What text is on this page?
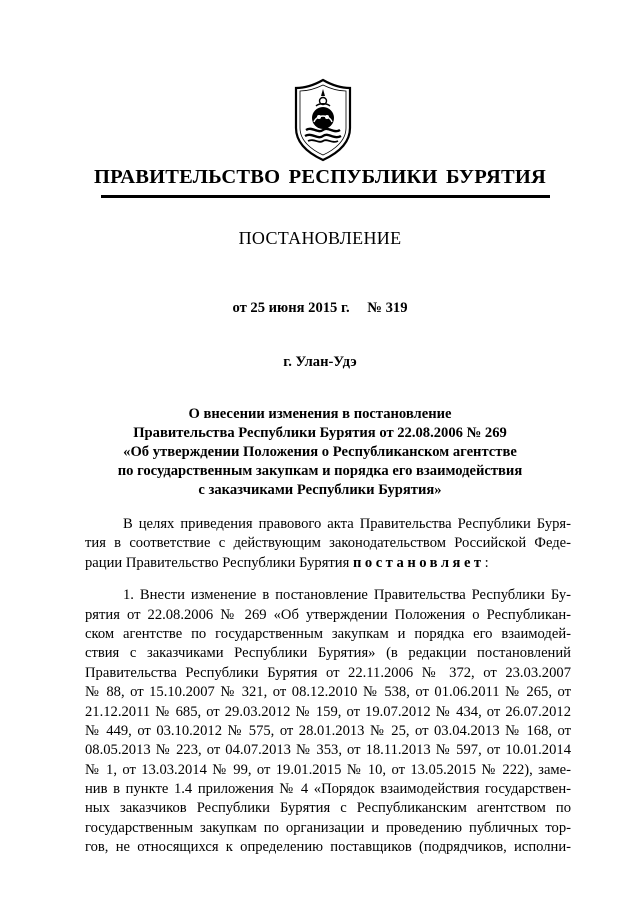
ПРАВИТЕЛЬСТВО РЕСПУБЛИКИ БУРЯТИЯ
ПОСТАНОВЛЕНИЕ
от 25 июня 2015 г. № 319
г. Улан-Удэ
О внесении изменения в постановление
Правительства Республики Бурятия от 22.08.2006 № 269
«Об утверждении Положения о Республиканском агентстве
по государственным закупкам и порядка его взаимодействия
с заказчиками Республики Бурятия»
В целях приведения правового акта Правительства Республики Буря-
тия в соответствие с действующим законодательством Российской Феде-
рации Правительство Республики Бурятия постановляет:
1. Внести изменение в постановление Правительства Республики Бу-
рятия от 22.08.2006 № 269 «Об утверждении Положения о Республикан-
ском агентстве по государственным закупкам и порядка его взаимодей-
ствия с заказчиками Республики Бурятия» (в редакции постановлений
Правительства Республики Бурятия от 22.11.2006 № 372, от 23.03.2007
№ 88, от 15.10.2007 № 321, от 08.12.2010 № 538, от 01.06.2011 № 265, от
21.12.2011 № 685, от 29.03.2012 № 159, от 19.07.2012 № 434, от 26.07.2012
№ 449, от 03.10.2012 № 575, от 28.01.2013 № 25, от 03.04.2013 № 168, от
08.05.2013 № 223, от 04.07.2013 № 353, от 18.11.2013 № 597, от 10.01.2014
№ 1, от 13.03.2014 № 99, от 19.01.2015 № 10, от 13.05.2015 № 222), заме-
нив в пункте 1.4 приложения № 4 «Порядок взаимодействия государствен-
ных заказчиков Республики Бурятия с Республиканским агентством по
государственным закупкам по организации и проведению публичных тор-
гов, не относящихся к определению поставщиков (подрядчиков, исполни-
